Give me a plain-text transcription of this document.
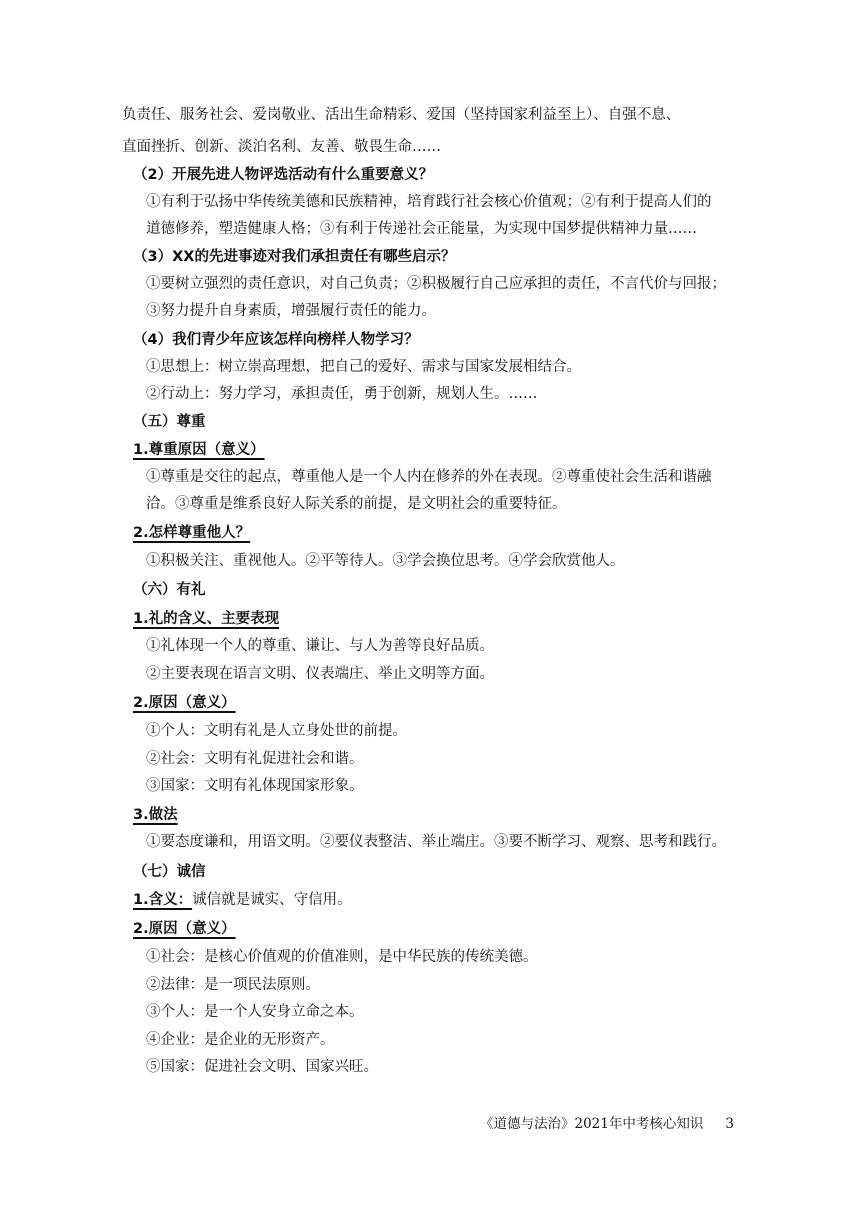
负责任、服务社会、爱岗敬业、活出生命精彩、爱国（坚持国家利益至上）、自强不息、
直面挫折、创新、淡泊名利、友善、敬畏生命……
（2）开展先进人物评选活动有什么重要意义？
①有利于弘扬中华传统美德和民族精神，培育践行社会核心价值观；②有利于提高人们的
道德修养，塑造健康人格；③有利于传递社会正能量，为实现中国梦提供精神力量……
（3）XX的先进事迹对我们承担责任有哪些启示？
①要树立强烈的责任意识，对自己负责；②积极履行自己应承担的责任，不言代价与回报；
③努力提升自身素质，增强履行责任的能力。
（4）我们青少年应该怎样向榜样人物学习？
①思想上：树立崇高理想，把自己的爱好、需求与国家发展相结合。
②行动上：努力学习，承担责任，勇于创新，规划人生。……
（五）尊重
1.尊重原因（意义）
①尊重是交往的起点，尊重他人是一个人内在修养的外在表现。②尊重使社会生活和谐融
洽。③尊重是维系良好人际关系的前提，是文明社会的重要特征。
2.怎样尊重他人？
①积极关注、重视他人。②平等待人。③学会换位思考。④学会欣赏他人。
（六）有礼
1.礼的含义、主要表现
①礼体现一个人的尊重、谦让、与人为善等良好品质。
②主要表现在语言文明、仪表端庄、举止文明等方面。
2.原因（意义）
①个人：文明有礼是人立身处世的前提。
②社会：文明有礼促进社会和谐。
③国家：文明有礼体现国家形象。
3.做法
①要态度谦和，用语文明。②要仪表整洁、举止端庄。③要不断学习、观察、思考和践行。
（七）诚信
1.含义：诚信就是诚实、守信用。
2.原因（意义）
①社会：是核心价值观的价值准则，是中华民族的传统美德。
②法律：是一项民法原则。
③个人：是一个人安身立命之本。
④企业：是企业的无形资产。
⑤国家：促进社会文明、国家兴旺。
《道德与法治》2021年中考核心知识 3
